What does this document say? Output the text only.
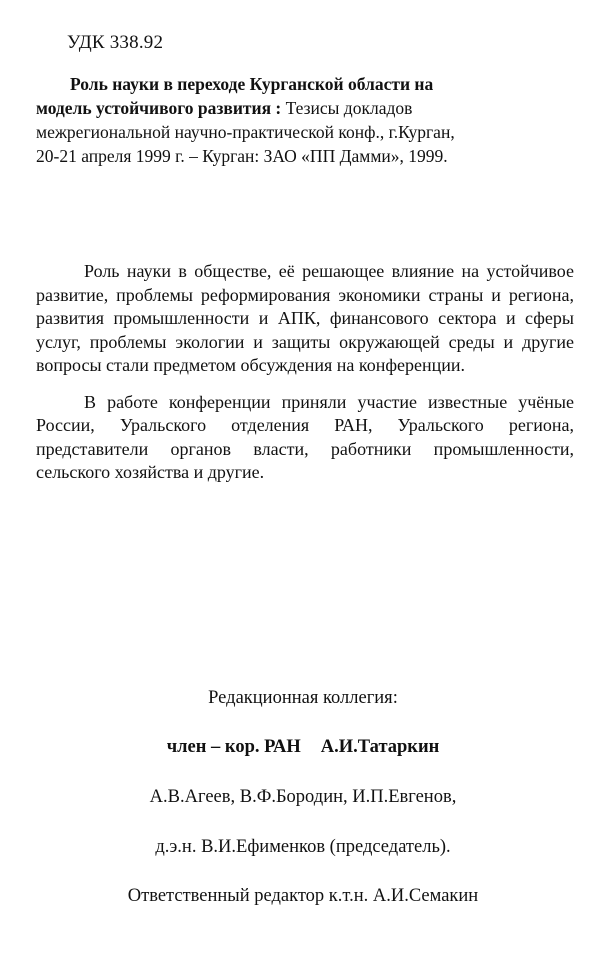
УДК 338.92

Роль науки в переходе Курганской области на
модель устойчивого развития : Тезисы докладов
межрегиональной научно-практической конф., г.Курган,
20-21 апреля 1999 г. – Курган: ЗАО «ПП Дамми», 1999.

Роль науки в обществе, её решающее влияние на устойчивое развитие, проблемы реформирования экономики страны и региона, развития промышленности и АПК, финансового сектора и сферы услуг, проблемы экологии и защиты окружающей среды и другие вопросы стали предметом обсуждения на конференции.

В работе конференции приняли участие известные учёные России, Уральского отделения РАН, Уральского региона, представители органов власти, работники промышленности, сельского хозяйства и другие.

Редакционная коллегия:

член – кор. РАН А.И.Татаркин

А.В.Агеев, В.Ф.Бородин, И.П.Евгенов,

д.э.н. В.И.Ефименков (председатель).

Ответственный редактор к.т.н. А.И.Семакин
